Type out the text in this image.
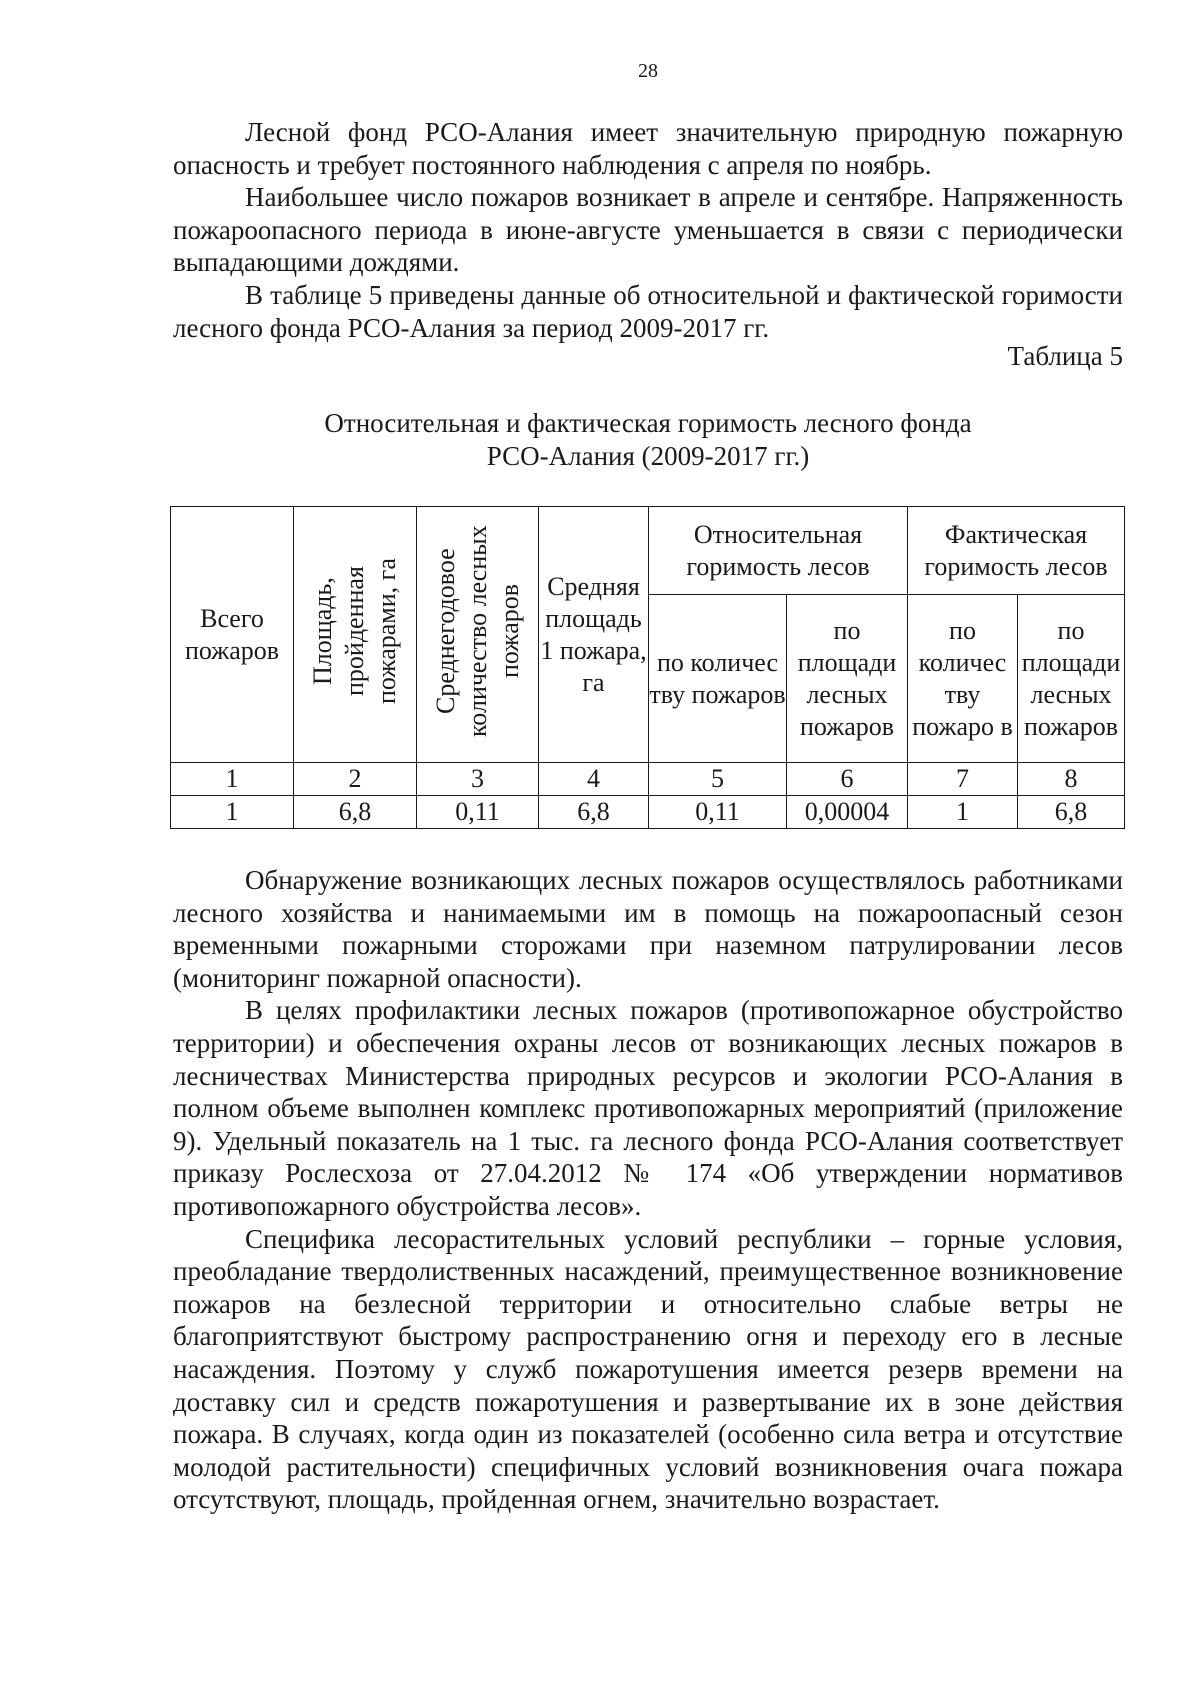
28

Лесной фонд РСО-Алания имеет значительную природную пожарную опасность и требует постоянного наблюдения с апреля по ноябрь.

Наибольшее число пожаров возникает в апреле и сентябре. Напряженность пожароопасного периода в июне-августе уменьшается в связи с периодически выпадающими дождями.

В таблице 5 приведены данные об относительной и фактической горимости лесного фонда РСО-Алания за период 2009-2017 гг.

Таблица 5
Относительная и фактическая горимость лесного фонда
РСО-Алания (2009-2017 гг.)
Всего пожаров	Площадь, пройденная пожарами, га	Среднегодовое количество лесных пожаров	Средняя площадь 1 пожара, га	Относительная горимость лесов		Фактическая горимость лесов	
				по количес тву пожаров	по площади лесных пожаров	по количес тву пожаро в	по площади лесных пожаров
1	2	3	4	5	6	7	8
1	6,8	0,11	6,8	0,11	0,00004	1	6,8

Обнаружение возникающих лесных пожаров осуществлялось работниками лесного хозяйства и нанимаемыми им в помощь на пожароопасный сезон временными пожарными сторожами при наземном патрулировании лесов (мониторинг пожарной опасности).

В целях профилактики лесных пожаров (противопожарное обустройство территории) и обеспечения охраны лесов от возникающих лесных пожаров в лесничествах Министерства природных ресурсов и экологии РСО-Алания в полном объеме выполнен комплекс противопожарных мероприятий (приложение 9). Удельный показатель на 1 тыс. га лесного фонда РСО-Алания соответствует приказу Рослесхоза от 27.04.2012 № 174 «Об утверждении нормативов противопожарного обустройства лесов».

Специфика лесорастительных условий республики – горные условия, преобладание твердолиственных насаждений, преимущественное возникновение пожаров на безлесной территории и относительно слабые ветры не благоприятствуют быстрому распространению огня и переходу его в лесные насаждения. Поэтому у служб пожаротушения имеется резерв времени на доставку сил и средств пожаротушения и развертывание их в зоне действия пожара. В случаях, когда один из показателей (особенно сила ветра и отсутствие молодой растительности) специфичных условий возникновения очага пожара отсутствуют, площадь, пройденная огнем, значительно возрастает.
